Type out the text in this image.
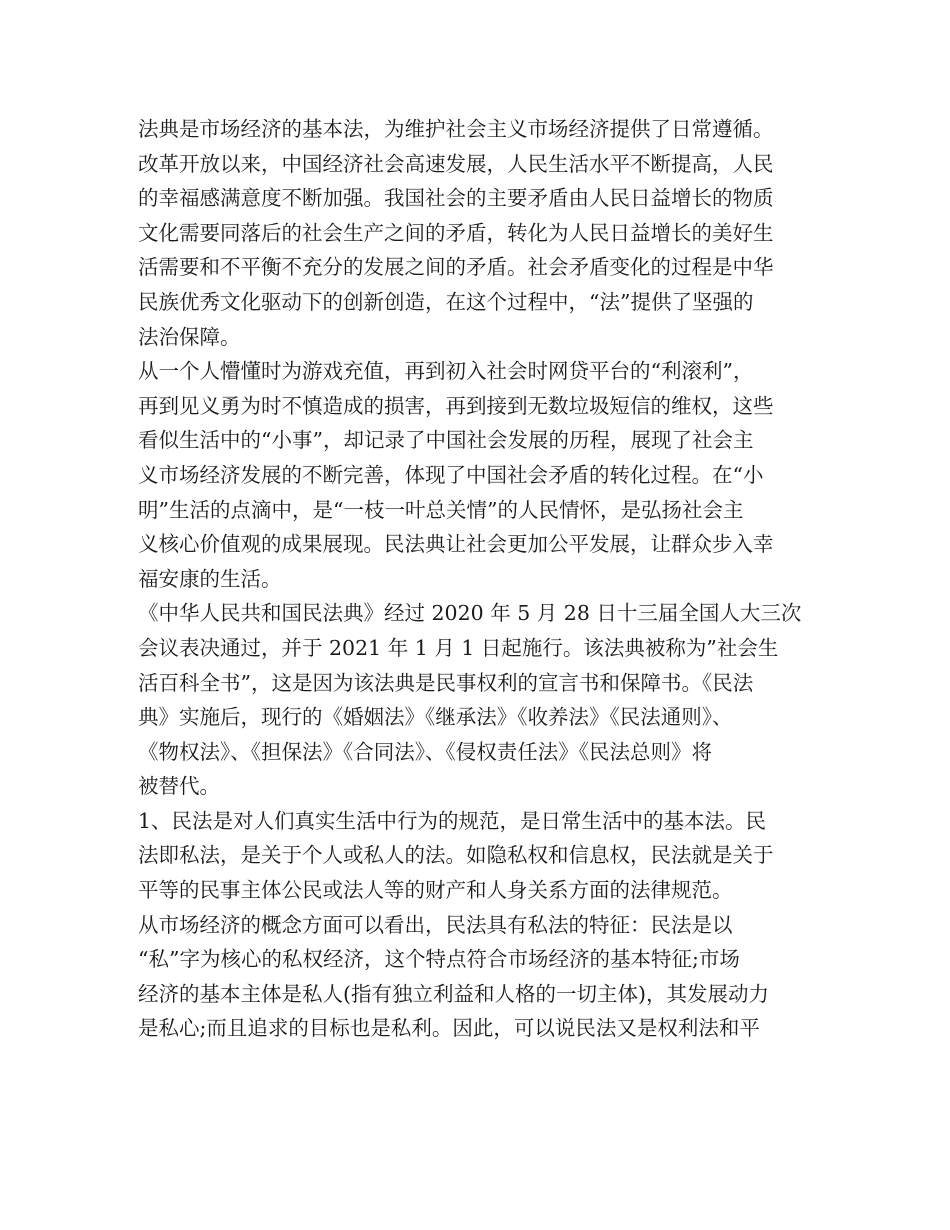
法典是市场经济的基本法，为维护社会主义市场经济提供了日常遵循。
改革开放以来，中国经济社会高速发展，人民生活水平不断提高，人民
的幸福感满意度不断加强。我国社会的主要矛盾由人民日益增长的物质
文化需要同落后的社会生产之间的矛盾，转化为人民日益增长的美好生
活需要和不平衡不充分的发展之间的矛盾。社会矛盾变化的过程是中华
民族优秀文化驱动下的创新创造，在这个过程中，“法”提供了坚强的
法治保障。
从一个人懵懂时为游戏充值，再到初入社会时网贷平台的“利滚利”，
再到见义勇为时不慎造成的损害，再到接到无数垃圾短信的维权，这些
看似生活中的“小事”，却记录了中国社会发展的历程，展现了社会主
义市场经济发展的不断完善，体现了中国社会矛盾的转化过程。在“小
明”生活的点滴中，是“一枝一叶总关情”的人民情怀，是弘扬社会主
义核心价值观的成果展现。民法典让社会更加公平发展，让群众步入幸
福安康的生活。
《中华人民共和国民法典》经过 2020 年 5 月 28 日十三届全国人大三次
会议表决通过，并于 2021 年 1 月 1 日起施行。该法典被称为”社会生
活百科全书”，这是因为该法典是民事权利的宣言书和保障书。《民法
典》实施后，现行的《婚姻法》《继承法》《收养法》《民法通则》、
《物权法》、《担保法》《合同法》、《侵权责任法》《民法总则》将
被替代。
1、民法是对人们真实生活中行为的规范，是日常生活中的基本法。民
法即私法，是关于个人或私人的法。如隐私权和信息权，民法就是关于
平等的民事主体公民或法人等的财产和人身关系方面的法律规范。
从市场经济的概念方面可以看出，民法具有私法的特征：民法是以
“私”字为核心的私权经济，这个特点符合市场经济的基本特征;市场
经济的基本主体是私人(指有独立利益和人格的一切主体)，其发展动力
是私心;而且追求的目标也是私利。因此，可以说民法又是权利法和平
